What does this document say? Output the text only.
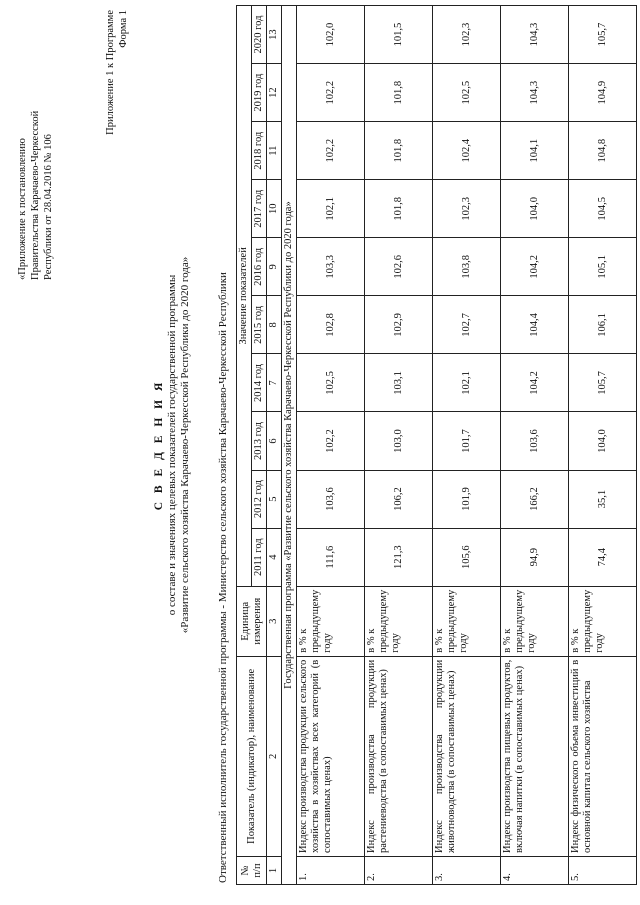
«Приложение к постановлению Правительства Карачаево-Черкесской Республики от 28.04.2016 № 106
Приложение 1 к Программе Форма 1
С В Е Д Е Н И Я о составе и значениях целевых показателей государственной программы «Развитие сельского хозяйства Карачаево-Черкесской Республики до 2020 года» Ответственный исполнитель государственной программы - Министерство сельского хозяйства Карачаево-Черкесской Республики № п/п	Показатель (индикатор), наименование	Единица измерения	Значение показателей									
			2011 год	2012 год	2013 год	2014 год	2015 год	2016 год	2017 год	2018 год	2019 год	2020 год
1	2	3	4	5	6	7	8	9	10	11	12	13
Государственная программа «Развитие сельского хозяйства Карачаево-Черкесской Республики до 2020 года»												
1.	Индекс производства продукции сельского хозяйства в хозяйствах всех категорий (в сопоставимых ценах)	в % к предыдущему году	111,6	103,6	102,2	102,5	102,8	103,3	102,1	102,2	102,2	102,0
2.	Индекс производства продукции растениеводства (в сопоставимых ценах)	в % к предыдущему году	121,3	106,2	103,0	103,1	102,9	102,6	101,8	101,8	101,8	101,5
3.	Индекс производства продукции животноводства (в сопоставимых ценах)	в % к предыдущему году	105,6	101,9	101,7	102,1	102,7	103,8	102,3	102,4	102,5	102,3
4.	Индекс производства пищевых продуктов, включая напитки (в сопоставимых ценах)	в % к предыдущему году	94,9	166,2	103,6	104,2	104,4	104,2	104,0	104,1	104,3	104,3
5.	Индекс физического объема инвестиций в основной капитал сельского хозяйства	в % к предыдущему году	74,4	35,1	104,0	105,7	106,1	105,1	104,5	104,8	104,9	105,7
